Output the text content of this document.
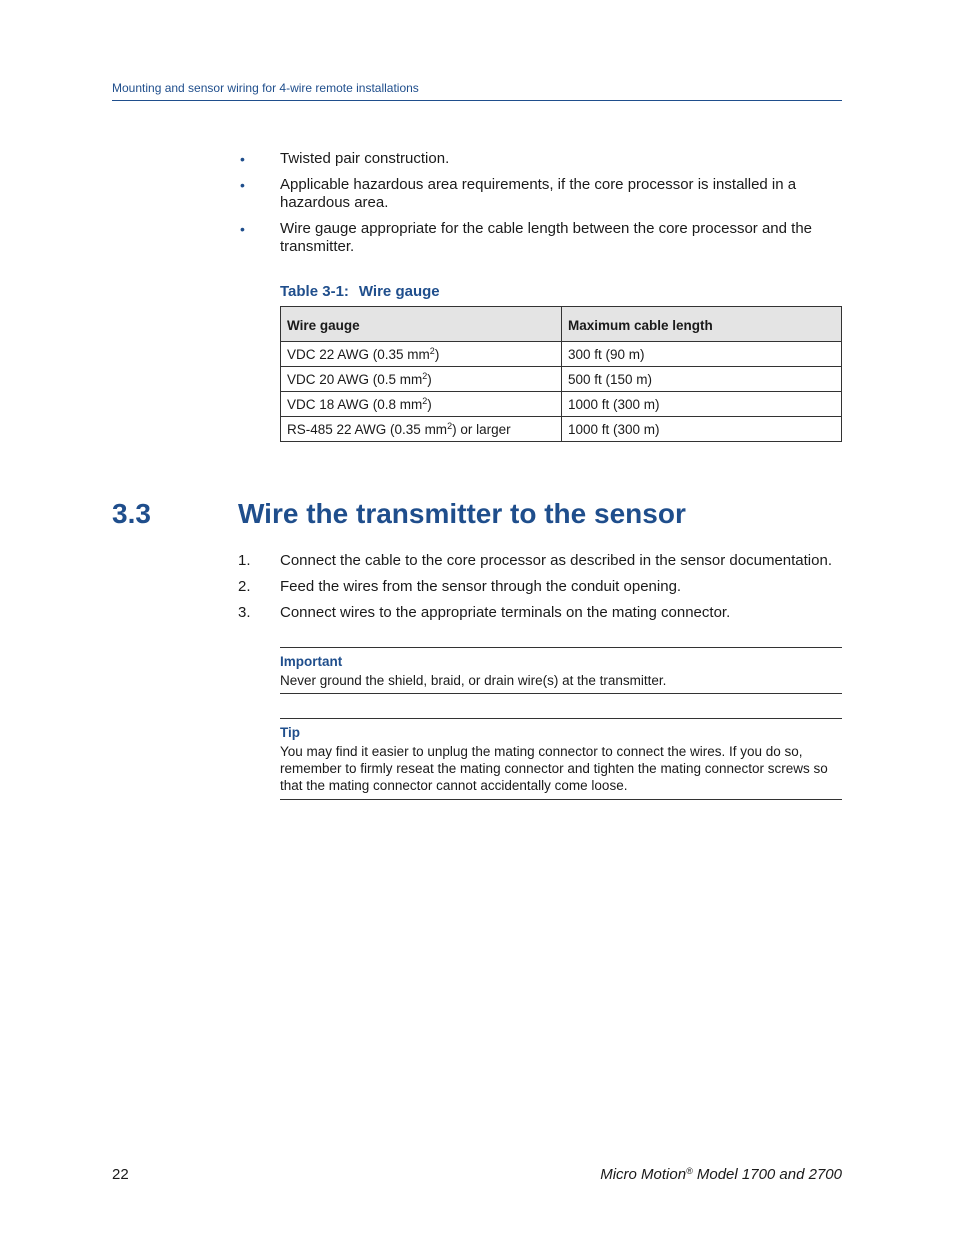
Mounting and sensor wiring for 4-wire remote installations
• Twisted pair construction.
• Applicable hazardous area requirements, if the core processor is installed in a hazardous area.
• Wire gauge appropriate for the cable length between the core processor and the transmitter.
Table 3-1: Wire gauge
Wire gauge	Maximum cable length
VDC 22 AWG (0.35 $mm^2$)	300 ft (90 m)
VDC 20 AWG (0.5 $mm^2$)	500 ft (150 m)
VDC 18 AWG (0.8 $mm^2$)	1000 ft (300 m)
RS-485 22 AWG (0.35 $mm^2$) or larger	1000 ft (300 m)
3.3	Wire the transmitter to the sensor
1. Connect the cable to the core processor as described in the sensor documentation.
2. Feed the wires from the sensor through the conduit opening.
3. Connect wires to the appropriate terminals on the mating connector.
Important
Never ground the shield, braid, or drain wire(s) at the transmitter.
Tip
You may find it easier to unplug the mating connector to connect the wires. If you do so, remember to firmly reseat the mating connector and tighten the mating connector screws so that the mating connector cannot accidentally come loose.
22	Micro Motion® Model 1700 and 2700
